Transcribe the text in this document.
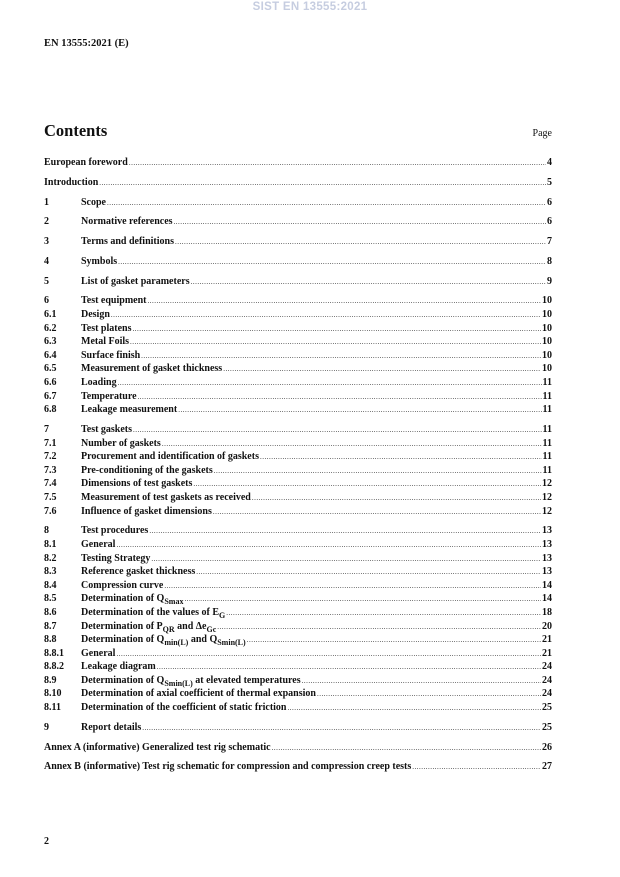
SIST EN 13555:2021
EN 13555:2021 (E)
Contents	Page
European foreword .....	4
Introduction .....	5
1	Scope .....	6
2	Normative references .....	6
3	Terms and definitions .....	7
4	Symbols .....	8
5	List of gasket parameters .....	9
6	Test equipment .....	10
6.1	Design .....	10
6.2	Test platens .....	10
6.3	Metal Foils .....	10
6.4	Surface finish .....	10
6.5	Measurement of gasket thickness .....	10
6.6	Loading .....	11
6.7	Temperature .....	11
6.8	Leakage measurement .....	11
7	Test gaskets .....	11
7.1	Number of gaskets .....	11
7.2	Procurement and identification of gaskets .....	11
7.3	Pre-conditioning of the gaskets .....	11
7.4	Dimensions of test gaskets .....	12
7.5	Measurement of test gaskets as received .....	12
7.6	Influence of gasket dimensions .....	12
8	Test procedures .....	13
8.1	General .....	13
8.2	Testing Strategy .....	13
8.3	Reference gasket thickness .....	13
8.4	Compression curve .....	14
8.5	Determination of $Q_{Smax}$ .....	14
8.6	Determination of the values of $E_G$ .....	18
8.7	Determination of $P_{QR}$ and $\Delta e_{Gc}$ .....	20
8.8	Determination of $Q_{min(L)}$ and $Q_{Smin(L)}$ .....	21
8.8.1	General .....	21
8.8.2	Leakage diagram .....	24
8.9	Determination of $Q_{Smin(L)}$ at elevated temperatures .....	24
8.10	Determination of axial coefficient of thermal expansion .....	24
8.11	Determination of the coefficient of static friction .....	25
9	Report details .....	25
Annex A (informative) Generalized test rig schematic .....	26
Annex B (informative) Test rig schematic for compression and compression creep tests .....	27
2
